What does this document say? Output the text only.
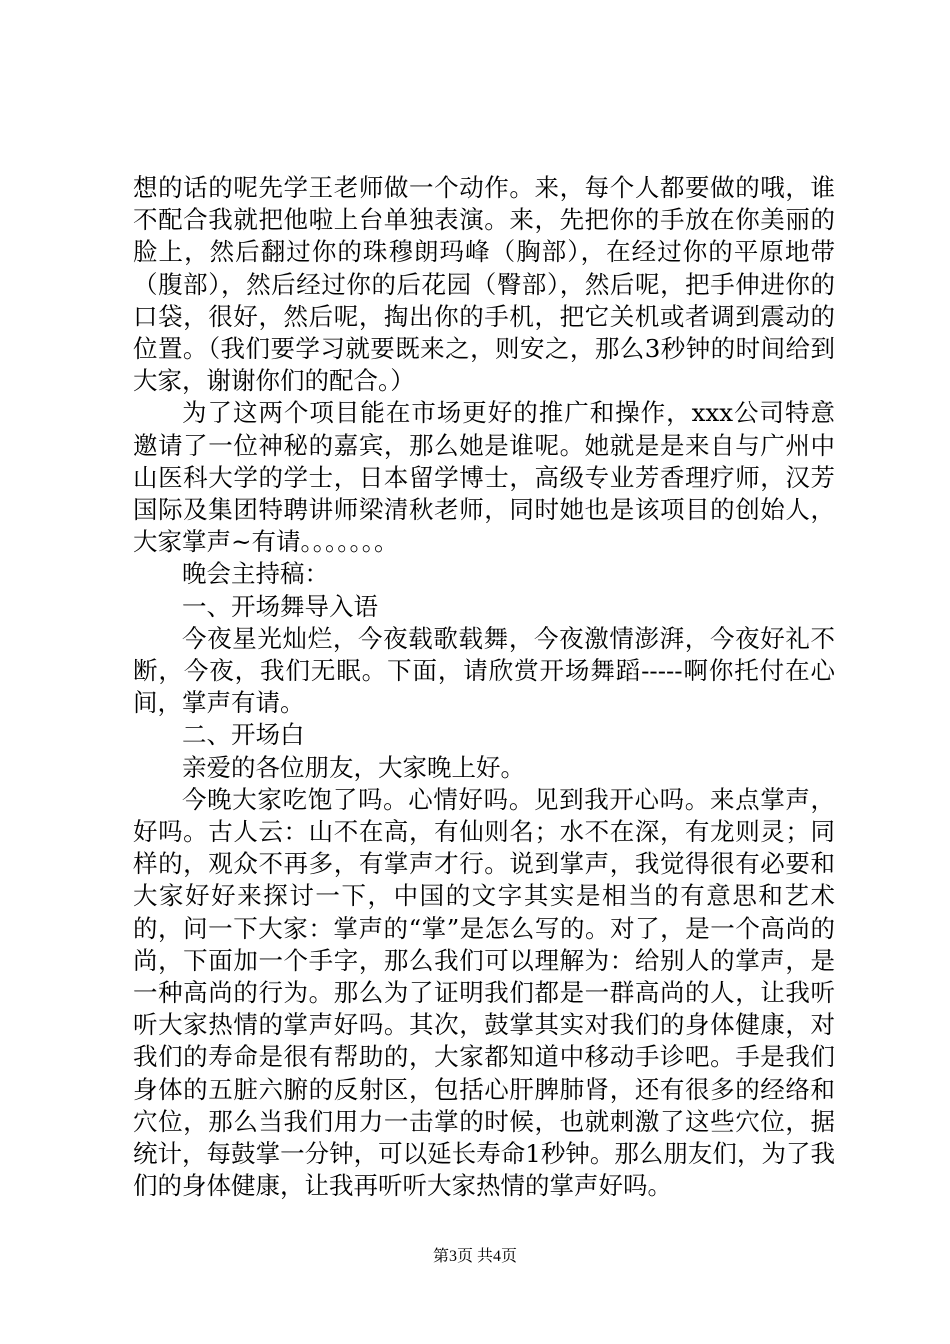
想的话的呢先学王老师做一个动作。来，每个人都要做的哦，谁不配合我就把他啦上台单独表演。来，先把你的手放在你美丽的脸上，然后翻过你的珠穆朗玛峰（胸部），在经过你的平原地带（腹部），然后经过你的后花园（臀部），然后呢，把手伸进你的口袋，很好，然后呢，掏出你的手机，把它关机或者调到震动的位置。（我们要学习就要既来之，则安之，那么3秒钟的时间给到大家，谢谢你们的配合。）

为了这两个项目能在市场更好的推广和操作，xxx公司特意邀请了一位神秘的嘉宾，那么她是谁呢。她就是是来自与广州中山医科大学的学士，日本留学博士，高级专业芳香理疗师，汉芳国际及集团特聘讲师梁清秋老师，同时她也是该项目的创始人，大家掌声~有请。。。。。。。

晚会主持稿：

一、开场舞导入语

今夜星光灿烂，今夜载歌载舞，今夜激情澎湃，今夜好礼不断，今夜，我们无眠。下面，请欣赏开场舞蹈-----啊你托付在心间，掌声有请。

二、开场白

亲爱的各位朋友，大家晚上好。

今晚大家吃饱了吗。心情好吗。见到我开心吗。来点掌声，好吗。古人云：山不在高，有仙则名；水不在深，有龙则灵；同样的，观众不再多，有掌声才行。说到掌声，我觉得很有必要和大家好好来探讨一下，中国的文字其实是相当的有意思和艺术的，问一下大家：掌声的“掌”是怎么写的。对了，是一个高尚的尚，下面加一个手字，那么我们可以理解为：给别人的掌声，是一种高尚的行为。那么为了证明我们都是一群高尚的人，让我听听大家热情的掌声好吗。其次，鼓掌其实对我们的身体健康，对我们的寿命是很有帮助的，大家都知道中移动手诊吧。手是我们身体的五脏六腑的反射区，包括心肝脾肺肾，还有很多的经络和穴位，那么当我们用力一击掌的时候，也就刺激了这些穴位，据统计，每鼓掌一分钟，可以延长寿命1秒钟。那么朋友们，为了我们的身体健康，让我再听听大家热情的掌声好吗。

第3页 共4页
